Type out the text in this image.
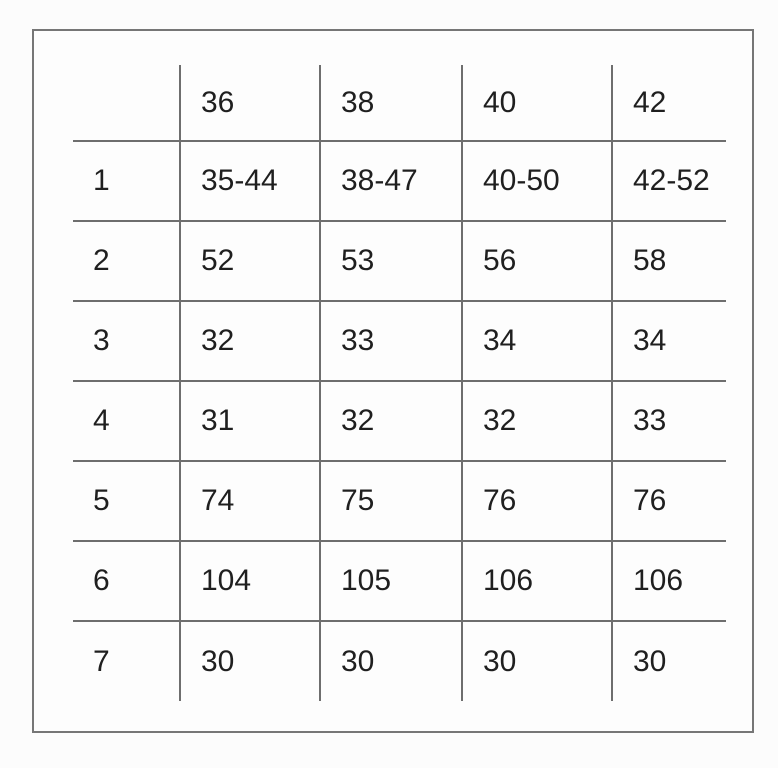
	36	38	40	42
1	35-44	38-47	40-50	42-52
2	52	53	56	58
3	32	33	34	34
4	31	32	32	33
5	74	75	76	76
6	104	105	106	106
7	30	30	30	30
